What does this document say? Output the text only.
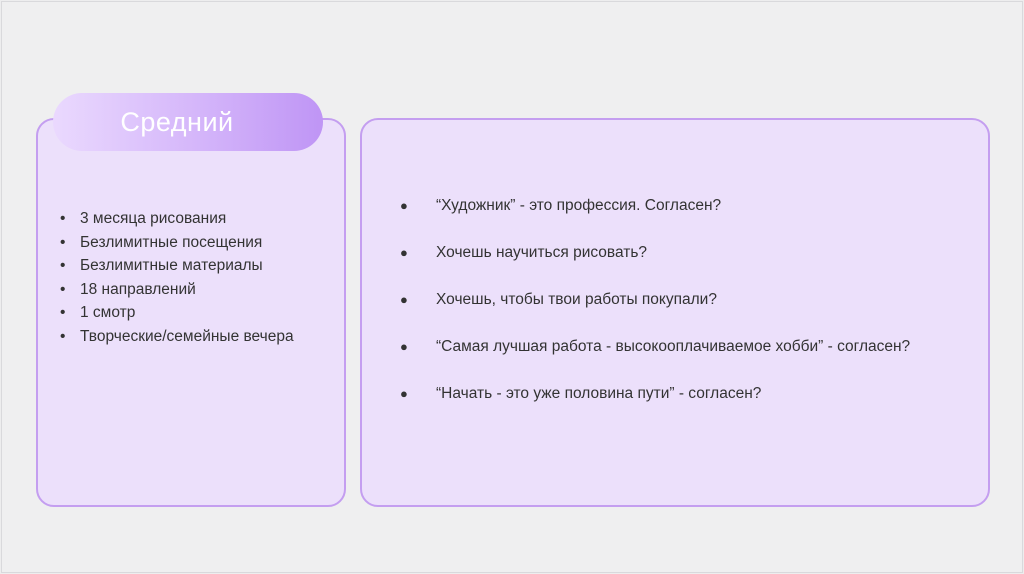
Средний
• 3 месяца рисования
• Безлимитные посещения
• Безлимитные материалы
• 18 направлений
• 1 смотр
• Творческие/семейные вечера
● “Художник” - это профессия. Согласен?
● Хочешь научиться рисовать?
● Хочешь, чтобы твои работы покупали?
● “Самая лучшая работа - высокооплачиваемое хобби” - согласен?
● “Начать - это уже половина пути” - согласен?
